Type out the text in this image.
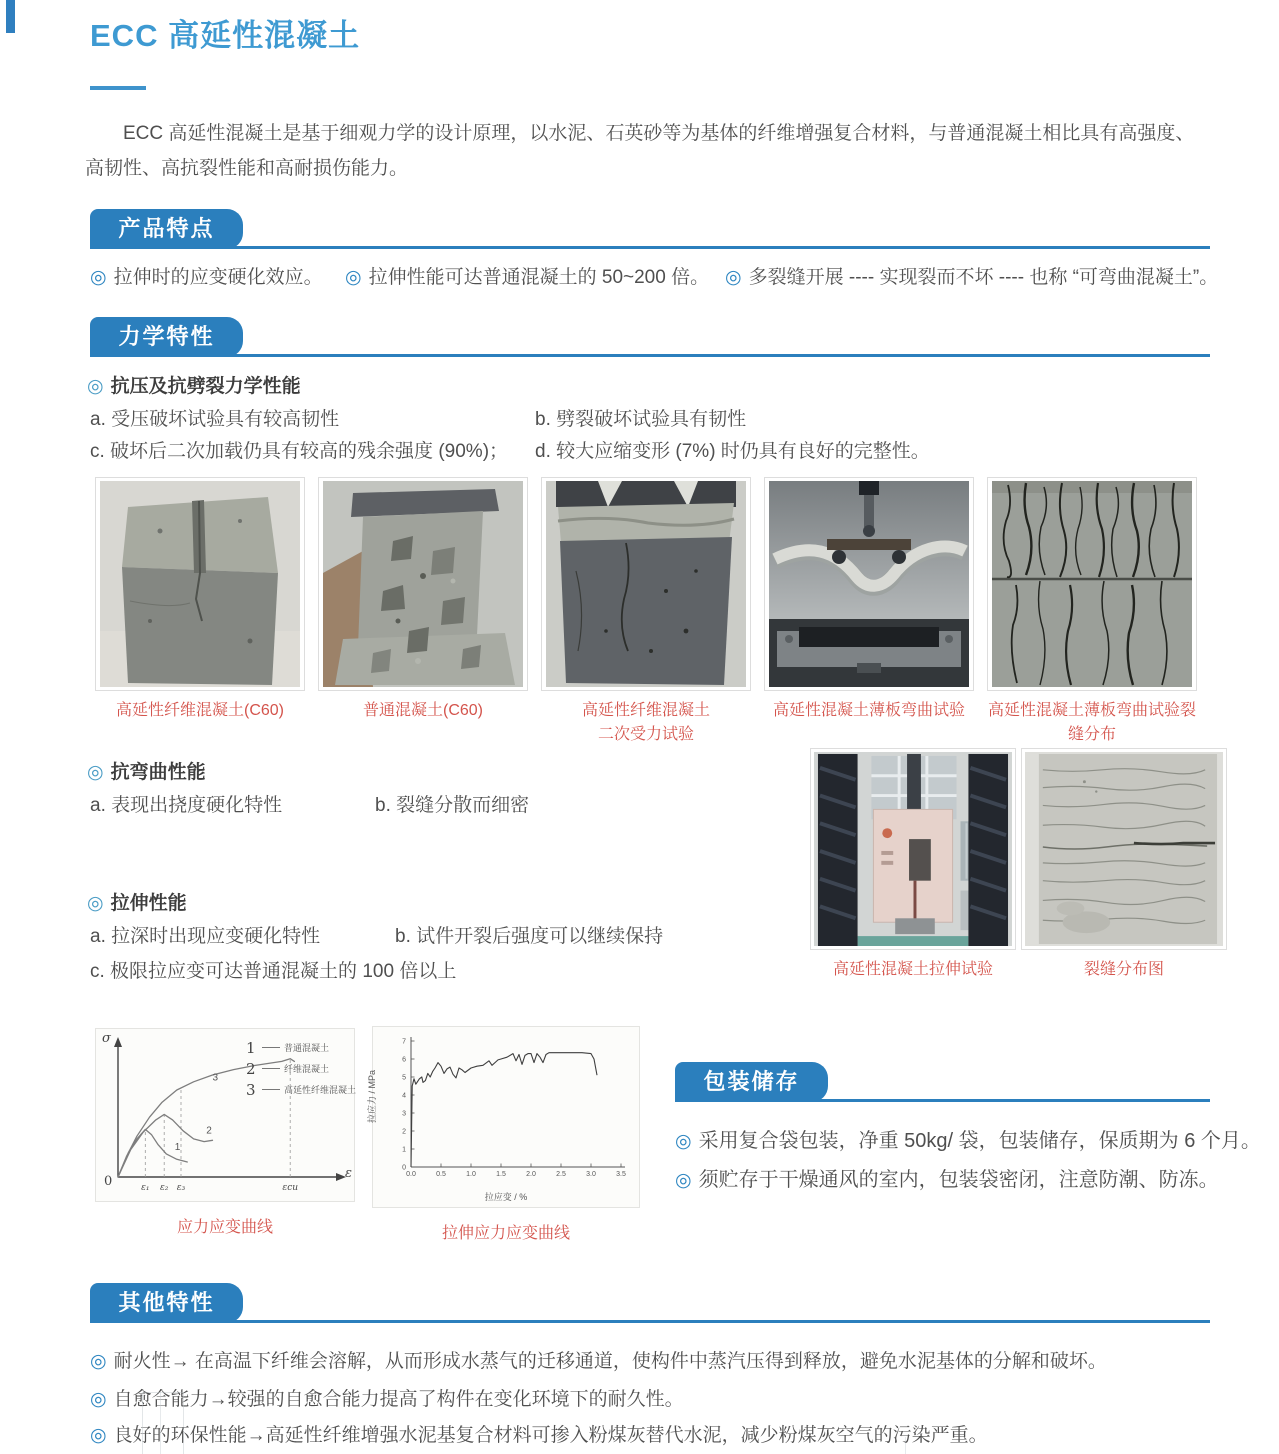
ECC 高延性混凝土
ECC 高延性混凝土是基于细观力学的设计原理，以水泥、石英砂等为基体的纤维增强复合材料，与普通混凝土相比具有高强度、高韧性、高抗裂性能和高耐损伤能力。
产品特点
◎ 拉伸时的应变硬化效应。 ◎ 拉伸性能可达普通混凝土的 50~200 倍。 ◎ 多裂缝开展 ---- 实现裂而不坏 ---- 也称 “可弯曲混凝土”。
力学特性
◎ 抗压及抗劈裂力学性能
a. 受压破坏试验具有较高韧性	b. 劈裂破坏试验具有韧性
c. 破坏后二次加载仍具有较高的残余强度 (90%)； d. 较大应缩变形 (7%) 时仍具有良好的完整性。
高延性纤维混凝土(C60)	普通混凝土(C60)	高延性纤维混凝土
二次受力试验
高延性混凝土薄板弯曲试验	高延性混凝土薄板弯曲试验裂缝分布
◎ 抗弯曲性能
a. 表现出挠度硬化特性	b. 裂缝分散而细密
高延性混凝土拉伸试验	裂缝分布图
◎ 拉伸性能
a. 拉深时出现应变硬化特性	b. 试件开裂后强度可以继续保持
c. 极限拉应变可达普通混凝土的 100 倍以上
ε₁ ε₂ ε₃	εcu
1
2
3
σ
ε
0
1	普通混凝土
2	纤维混凝土
3	高延性纤维混凝土
应力应变曲线
0.0	0.5	1.0	1.5	2.0	2.5	3.0	3.5
0
1
2
3
4
5
6
7
拉应力 / MPa
拉应变 / %
拉伸应力应变曲线
包装储存
◎ 采用复合袋包装，净重 50kg/ 袋，包装储存，保质期为 6 个月。
◎ 须贮存于干燥通风的室内，包装袋密闭，注意防潮、防冻。
其他特性
◎ 耐火性→ 在高温下纤维会溶解，从而形成水蒸气的迁移通道，使构件中蒸汽压得到释放，避免水泥基体的分解和破坏。
◎ 自愈合能力→较强的自愈合能力提高了构件在变化环境下的耐久性。
◎ 良好的环保性能→高延性纤维增强水泥基复合材料可掺入粉煤灰替代水泥，减少粉煤灰空气的污染严重。
